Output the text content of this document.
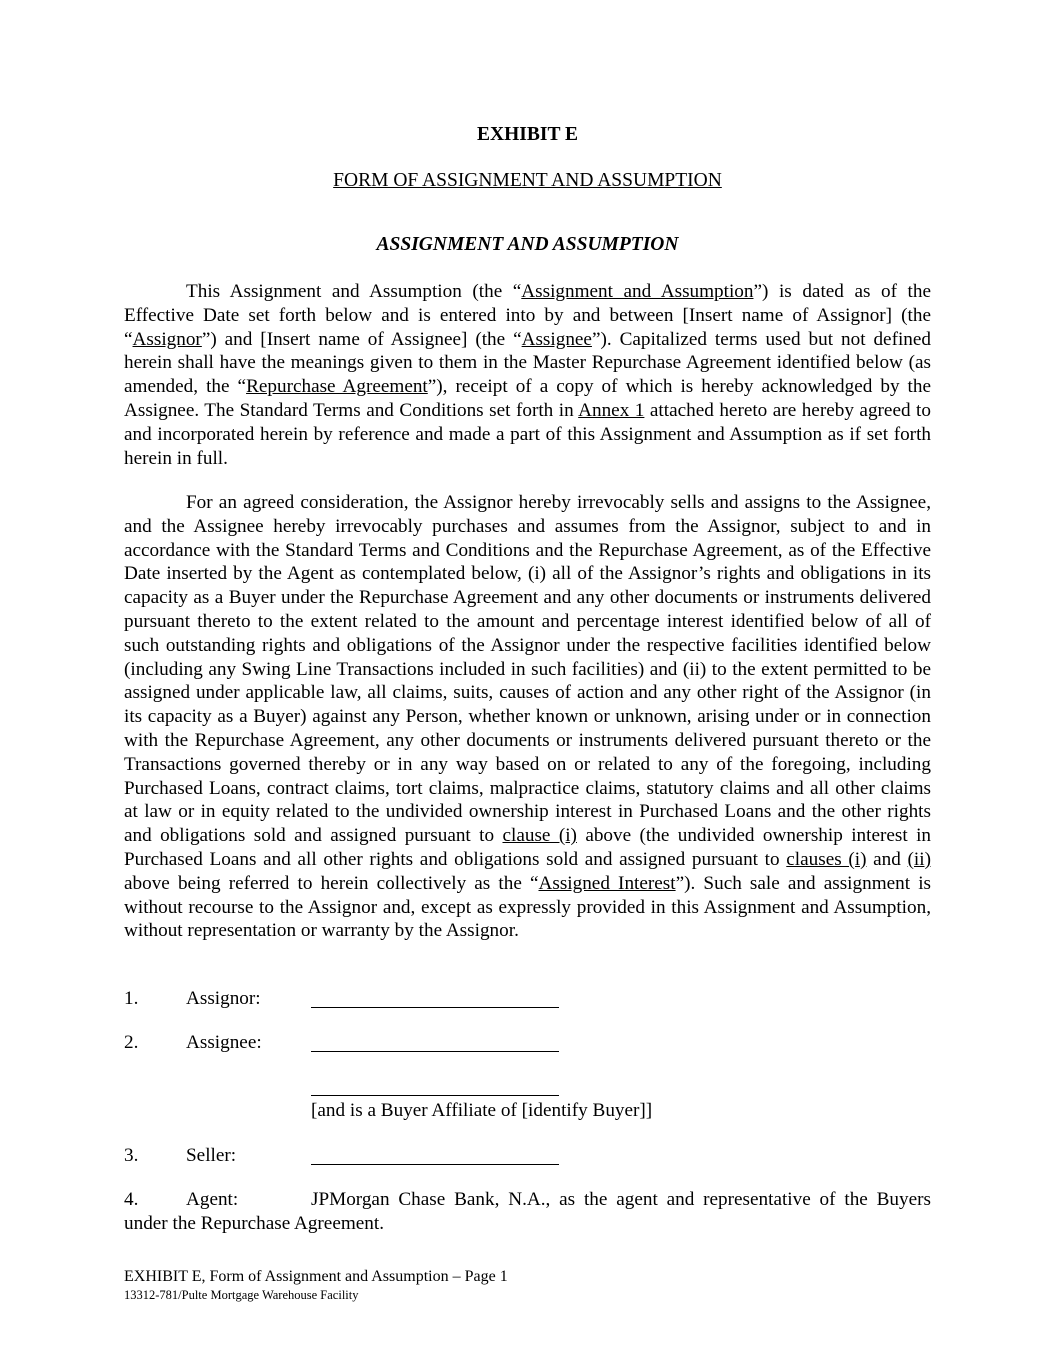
EXHIBIT E
FORM OF ASSIGNMENT AND ASSUMPTION
ASSIGNMENT AND ASSUMPTION

This Assignment and Assumption (the “Assignment and Assumption”) is dated as of the Effective Date set forth below and is entered into by and between [Insert name of Assignor] (the “Assignor”) and [Insert name of Assignee] (the “Assignee”). Capitalized terms used but not defined herein shall have the meanings given to them in the Master Repurchase Agreement identified below (as amended, the “Repurchase Agreement”), receipt of a copy of which is hereby acknowledged by the Assignee. The Standard Terms and Conditions set forth in Annex 1 attached hereto are hereby agreed to and incorporated herein by reference and made a part of this Assignment and Assumption as if set forth herein in full.

For an agreed consideration, the Assignor hereby irrevocably sells and assigns to the Assignee, and the Assignee hereby irrevocably purchases and assumes from the Assignor, subject to and in accordance with the Standard Terms and Conditions and the Repurchase Agreement, as of the Effective Date inserted by the Agent as contemplated below, (i) all of the Assignor’s rights and obligations in its capacity as a Buyer under the Repurchase Agreement and any other documents or instruments delivered pursuant thereto to the extent related to the amount and percentage interest identified below of all of such outstanding rights and obligations of the Assignor under the respective facilities identified below (including any Swing Line Transactions included in such facilities) and (ii) to the extent permitted to be assigned under applicable law, all claims, suits, causes of action and any other right of the Assignor (in its capacity as a Buyer) against any Person, whether known or unknown, arising under or in connection with the Repurchase Agreement, any other documents or instruments delivered pursuant thereto or the Transactions governed thereby or in any way based on or related to any of the foregoing, including Purchased Loans, contract claims, tort claims, malpractice claims, statutory claims and all other claims at law or in equity related to the undivided ownership interest in Purchased Loans and the other rights and obligations sold and assigned pursuant to clause (i) above (the undivided ownership interest in Purchased Loans and all other rights and obligations sold and assigned pursuant to clauses (i) and (ii) above being referred to herein collectively as the “Assigned Interest”). Such sale and assignment is without recourse to the Assignor and, except as expressly provided in this Assignment and Assumption, without representation or warranty by the Assignor.

1. Assignor:
2. Assignee:
[and is a Buyer Affiliate of [identify Buyer]]
3. Seller:
4. Agent:	JPMorgan Chase Bank, N.A., as the agent and representative of the Buyers

under the Repurchase Agreement.

EXHIBIT E, Form of Assignment and Assumption – Page 1
13312-781/Pulte Mortgage Warehouse Facility
